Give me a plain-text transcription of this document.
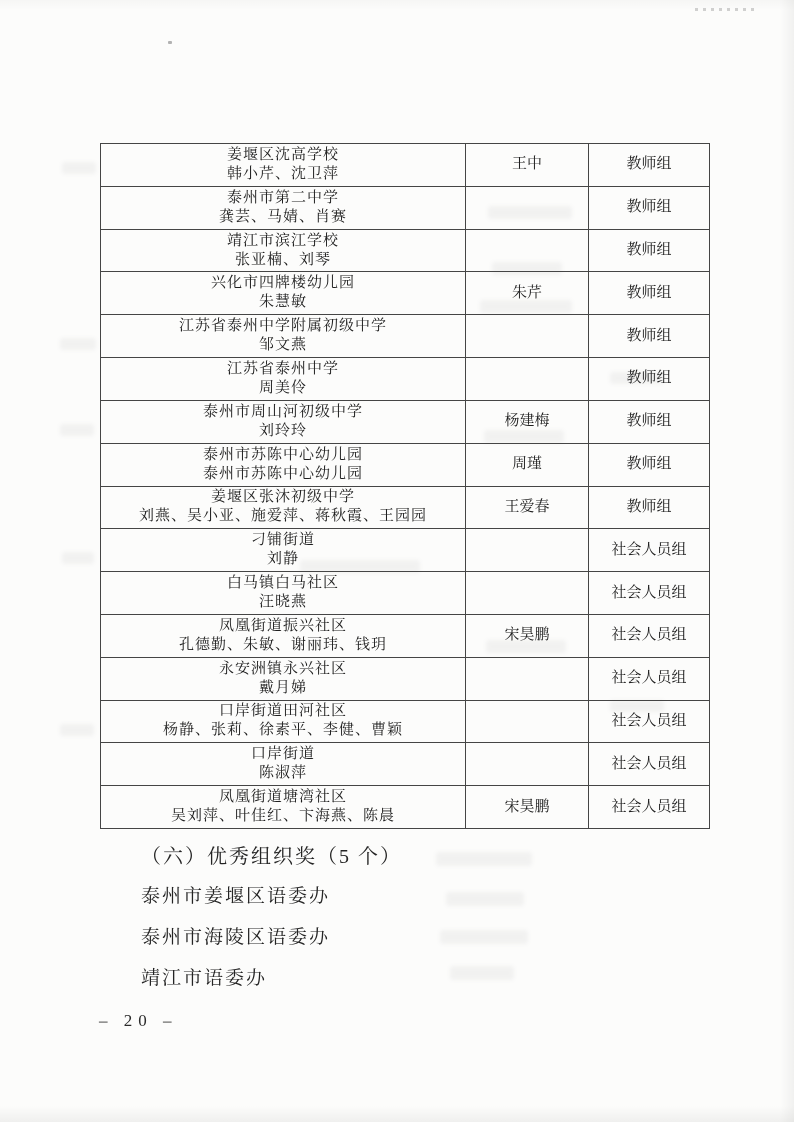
姜堰区沈高学校
韩小芹、沈卫萍	王中	教师组

泰州市第二中学
龚芸、马婧、肖赛		教师组

靖江市滨江学校
张亚楠、刘琴		教师组

兴化市四牌楼幼儿园
朱慧敏	朱芹	教师组

江苏省泰州中学附属初级中学
邹文燕		教师组

江苏省泰州中学
周美伶		教师组

泰州市周山河初级中学
刘玲玲	杨建梅	教师组

泰州市苏陈中心幼儿园
泰州市苏陈中心幼儿园	周瑾	教师组

姜堰区张沐初级中学
刘燕、吴小亚、施爱萍、蒋秋霞、王园园	王爱春	教师组

刁铺街道
刘静		社会人员组

白马镇白马社区
汪晓燕		社会人员组

凤凰街道振兴社区
孔德勤、朱敏、谢丽玮、钱玥	宋昊鹏	社会人员组

永安洲镇永兴社区
戴月娣		社会人员组

口岸街道田河社区
杨静、张莉、徐素平、李健、曹颖		社会人员组

口岸街道
陈淑萍		社会人员组

凤凰街道塘湾社区
吴刘萍、叶佳红、卞海燕、陈晨	宋昊鹏	社会人员组
（六）优秀组织奖（5 个）
泰州市姜堰区语委办
泰州市海陵区语委办
靖江市语委办
– 20 –
